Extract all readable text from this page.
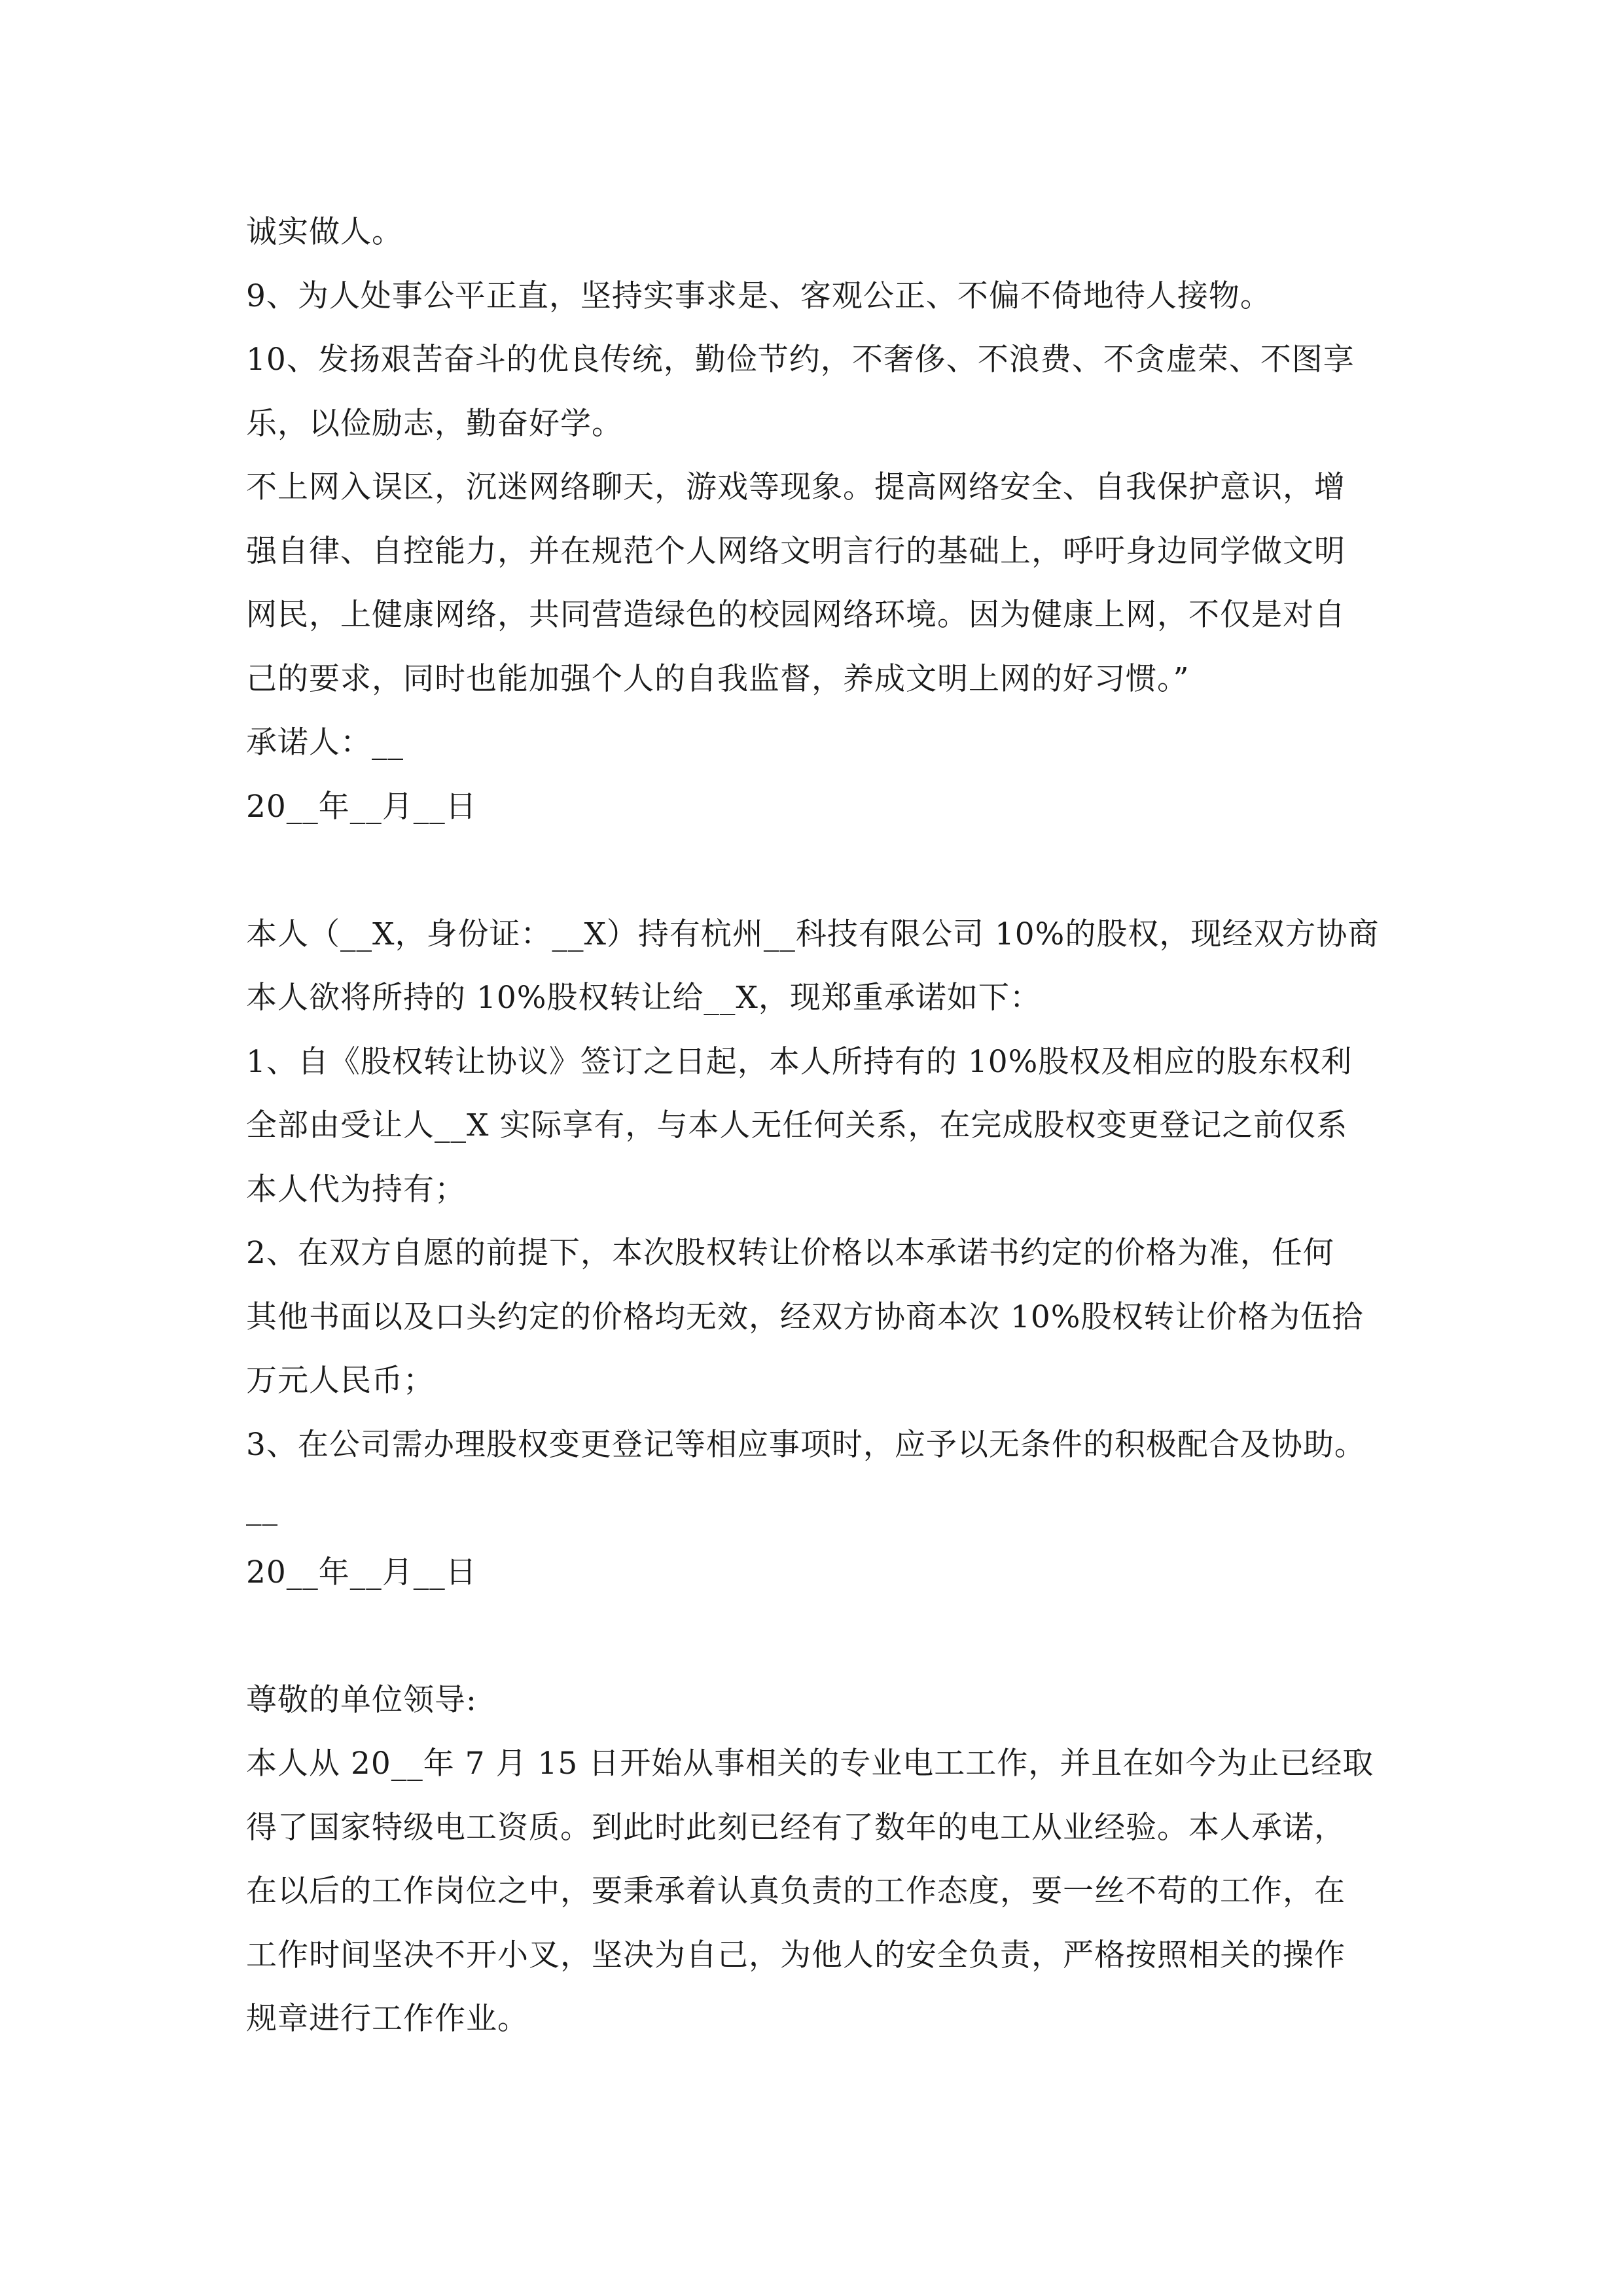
诚实做人。

9、为人处事公平正直，坚持实事求是、客观公正、不偏不倚地待人接物。

10、发扬艰苦奋斗的优良传统，勤俭节约，不奢侈、不浪费、不贪虚荣、不图享

乐，以俭励志，勤奋好学。

不上网入误区，沉迷网络聊天，游戏等现象。提高网络安全、自我保护意识，增

强自律、自控能力，并在规范个人网络文明言行的基础上，呼吁身边同学做文明

网民，上健康网络，共同营造绿色的校园网络环境。因为健康上网，不仅是对自

己的要求，同时也能加强个人的自我监督，养成文明上网的好习惯。”

承诺人：__

20__年__月__日

本人（__X，身份证：__X）持有杭州__科技有限公司 10%的股权，现经双方协商

本人欲将所持的 10%股权转让给__X，现郑重承诺如下：

1、自《股权转让协议》签订之日起，本人所持有的 10%股权及相应的股东权利

全部由受让人__X 实际享有，与本人无任何关系，在完成股权变更登记之前仅系

本人代为持有；

2、在双方自愿的前提下，本次股权转让价格以本承诺书约定的价格为准，任何

其他书面以及口头约定的价格均无效，经双方协商本次 10%股权转让价格为伍拾

万元人民币；

3、在公司需办理股权变更登记等相应事项时，应予以无条件的积极配合及协助。

__

20__年__月__日

尊敬的单位领导:

本人从 20__年 7 月 15 日开始从事相关的专业电工工作，并且在如今为止已经取

得了国家特级电工资质。到此时此刻已经有了数年的电工从业经验。本人承诺，

在以后的工作岗位之中，要秉承着认真负责的工作态度，要一丝不苟的工作，在

工作时间坚决不开小叉，坚决为自己，为他人的安全负责，严格按照相关的操作

规章进行工作作业。
